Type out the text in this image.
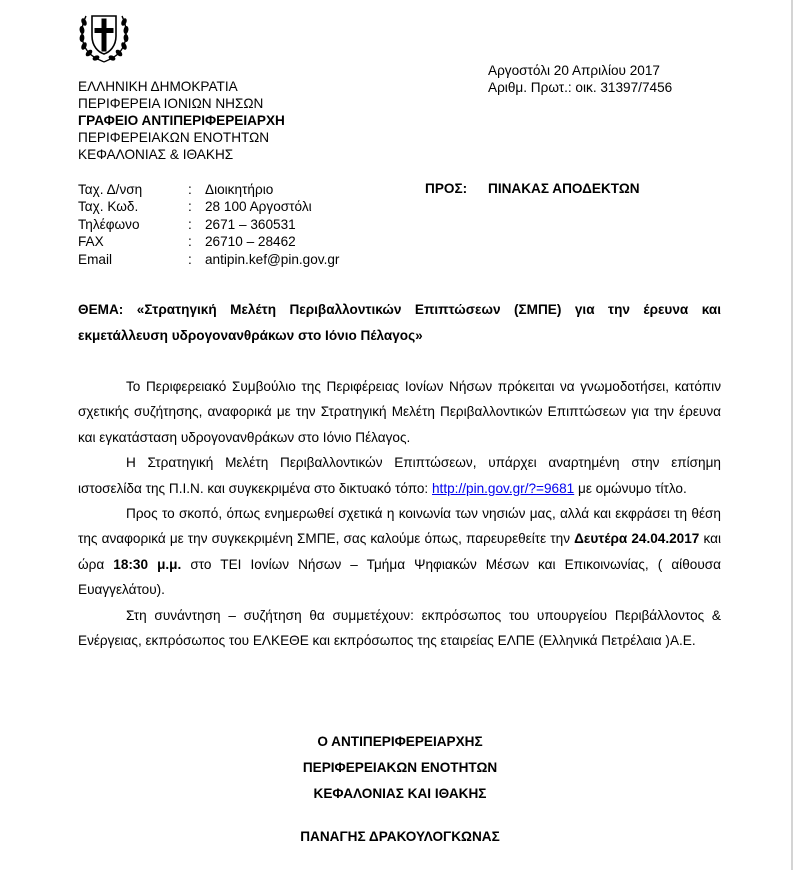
ΕΛΛΗΝΙΚΗ ΔΗΜΟΚΡΑΤΙΑ
ΠΕΡΙΦΕΡΕΙΑ ΙΟΝΙΩΝ ΝΗΣΩΝ
ΓΡΑΦΕΙΟ ΑΝΤΙΠΕΡΙΦΕΡΕΙΑΡΧΗ
ΠΕΡΙΦΕΡΕΙΑΚΩΝ ΕΝΟΤΗΤΩΝ
ΚΕΦΑΛΟΝΙΑΣ & ΙΘΑΚΗΣ
Αργοστόλι 20 Απριλίου 2017
Αριθμ. Πρωτ.: οικ. 31397/7456
Ταχ. Δ/νση	: Διοικητήριο
Ταχ. Κωδ.	: 28 100 Αργοστόλι
Τηλέφωνο	: 2671 – 360531
FAX	: 26710 – 28462
Email	: antipin.kef@pin.gov.gr
ΠΡΟΣ: ΠΙΝΑΚΑΣ ΑΠΟΔΕΚΤΩΝ
ΘΕΜΑ: «Στρατηγική Μελέτη Περιβαλλοντικών Επιπτώσεων (ΣΜΠΕ) για την έρευνα και εκμετάλλευση υδρογονανθράκων στο Ιόνιο Πέλαγος»

Το Περιφερειακό Συμβούλιο της Περιφέρειας Ιονίων Νήσων πρόκειται να γνωμοδοτήσει, κατόπιν σχετικής συζήτησης, αναφορικά με την Στρατηγική Μελέτη Περιβαλλοντικών Επιπτώσεων για την έρευνα και εγκατάσταση υδρογονανθράκων στο Ιόνιο Πέλαγος.

Η Στρατηγική Μελέτη Περιβαλλοντικών Επιπτώσεων, υπάρχει αναρτημένη στην επίσημη ιστοσελίδα της Π.Ι.Ν. και συγκεκριμένα στο δικτυακό τόπο: http://pin.gov.gr/?=9681 με ομώνυμο τίτλο.

Προς το σκοπό, όπως ενημερωθεί σχετικά η κοινωνία των νησιών μας, αλλά και εκφράσει τη θέση της αναφορικά με την συγκεκριμένη ΣΜΠΕ, σας καλούμε όπως, παρευρεθείτε την Δευτέρα 24.04.2017 και ώρα 18:30 μ.μ. στο ΤΕΙ Ιονίων Νήσων – Τμήμα Ψηφιακών Μέσων και Επικοινωνίας, ( αίθουσα Ευαγγελάτου).

Στη συνάντηση – συζήτηση θα συμμετέχουν: εκπρόσωπος του υπουργείου Περιβάλλοντος & Ενέργειας, εκπρόσωπος του ΕΛΚΕΘΕ και εκπρόσωπος της εταιρείας ΕΛΠΕ (Ελληνικά Πετρέλαια )Α.Ε.

Ο ΑΝΤΙΠΕΡΙΦΕΡΕΙΑΡΧΗΣ
ΠΕΡΙΦΕΡΕΙΑΚΩΝ ΕΝΟΤΗΤΩΝ
ΚΕΦΑΛΟΝΙΑΣ ΚΑΙ ΙΘΑΚΗΣ
ΠΑΝΑΓΗΣ ΔΡΑΚΟΥΛΟΓΚΩΝΑΣ
